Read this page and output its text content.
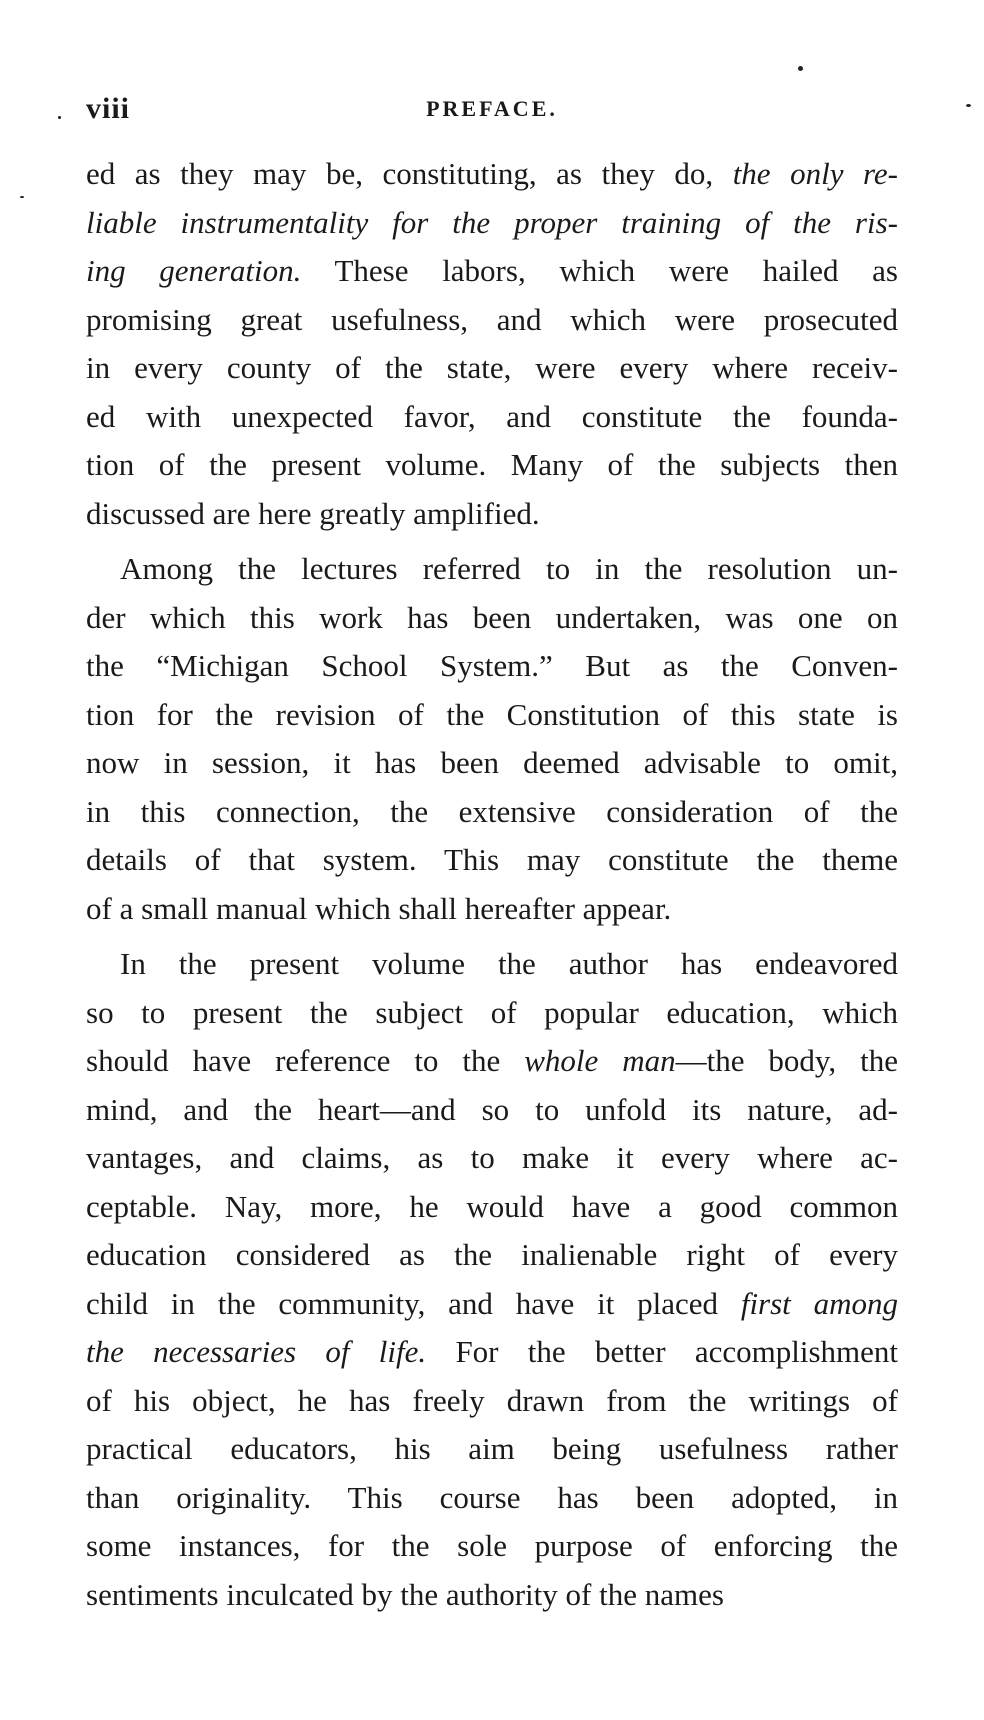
viii	PREFACE.
ed as they may be, constituting, as they do, the only re-
liable instrumentality for the proper training of the ris-
ing generation. These labors, which were hailed as
promising great usefulness, and which were prosecuted
in every county of the state, were every where receiv-
ed with unexpected favor, and constitute the founda-
tion of the present volume. Many of the subjects then
discussed are here greatly amplified.
Among the lectures referred to in the resolution un-
der which this work has been undertaken, was one on
the “Michigan School System.” But as the Conven-
tion for the revision of the Constitution of this state is
now in session, it has been deemed advisable to omit,
in this connection, the extensive consideration of the
details of that system. This may constitute the theme
of a small manual which shall hereafter appear.
In the present volume the author has endeavored
so to present the subject of popular education, which
should have reference to the whole man—the body, the
mind, and the heart—and so to unfold its nature, ad-
vantages, and claims, as to make it every where ac-
ceptable. Nay, more, he would have a good common
education considered as the inalienable right of every
child in the community, and have it placed first among
the necessaries of life. For the better accomplishment
of his object, he has freely drawn from the writings of
practical educators, his aim being usefulness rather
than originality. This course has been adopted, in
some instances, for the sole purpose of enforcing the
sentiments inculcated by the authority of the names
